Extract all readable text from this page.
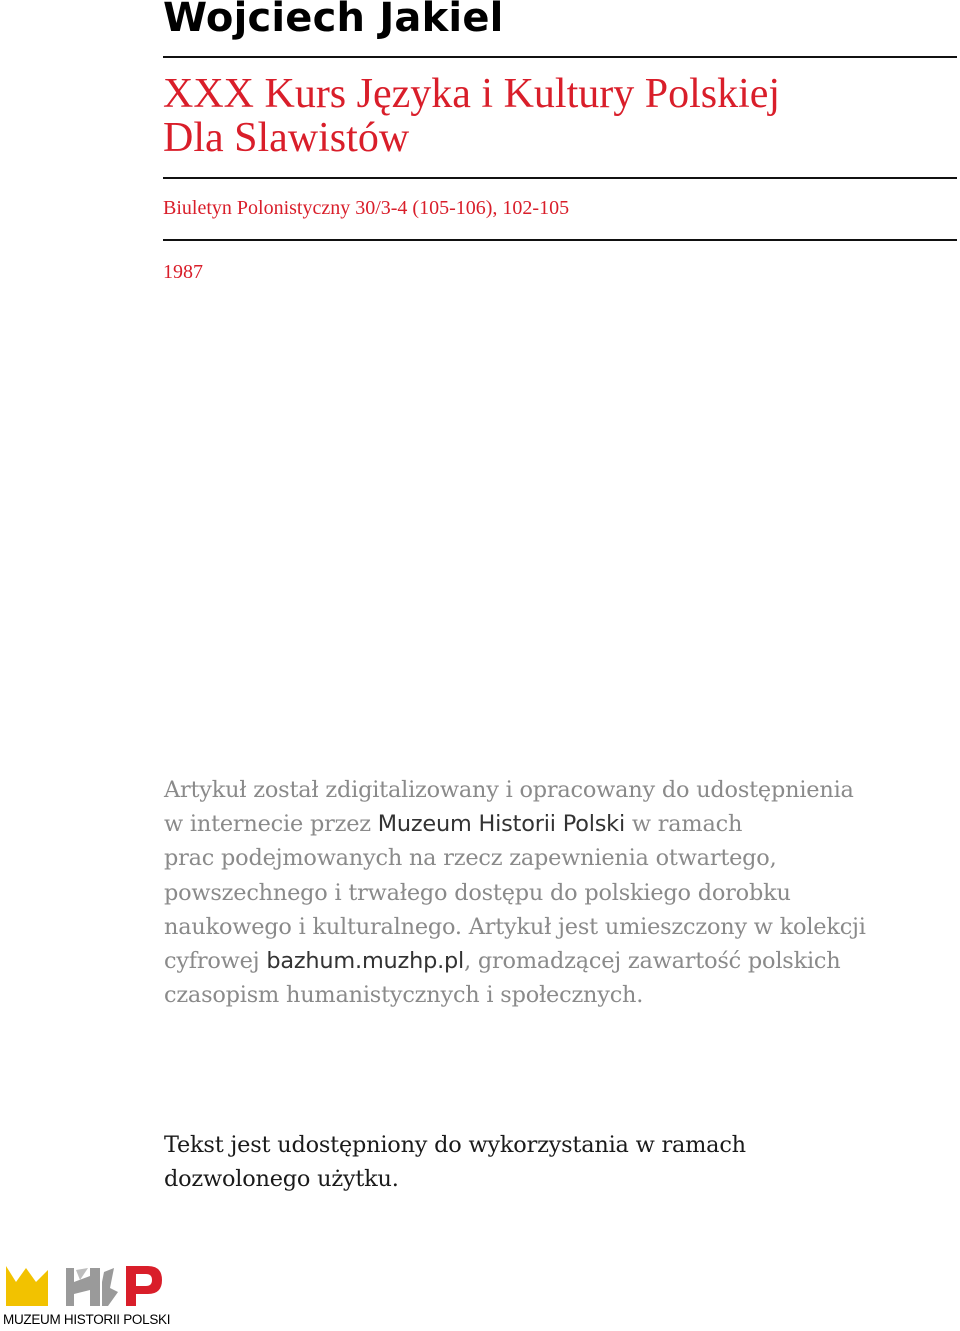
Wojciech Jakiel
XXX Kurs Języka i Kultury Polskiej
Dla Slawistów
Biuletyn Polonistyczny 30/3-4 (105-106), 102-105
1987
Artykuł został zdigitalizowany i opracowany do udostępnienia
w internecie przez Muzeum Historii Polski w ramach
prac podejmowanych na rzecz zapewnienia otwartego,
powszechnego i trwałego dostępu do polskiego dorobku
naukowego i kulturalnego. Artykuł jest umieszczony w kolekcji
cyfrowej bazhum.muzhp.pl, gromadzącej zawartość polskich
czasopism humanistycznych i społecznych.
Tekst jest udostępniony do wykorzystania w ramach
dozwolonego użytku.
MUZEUM HISTORII POLSKI
